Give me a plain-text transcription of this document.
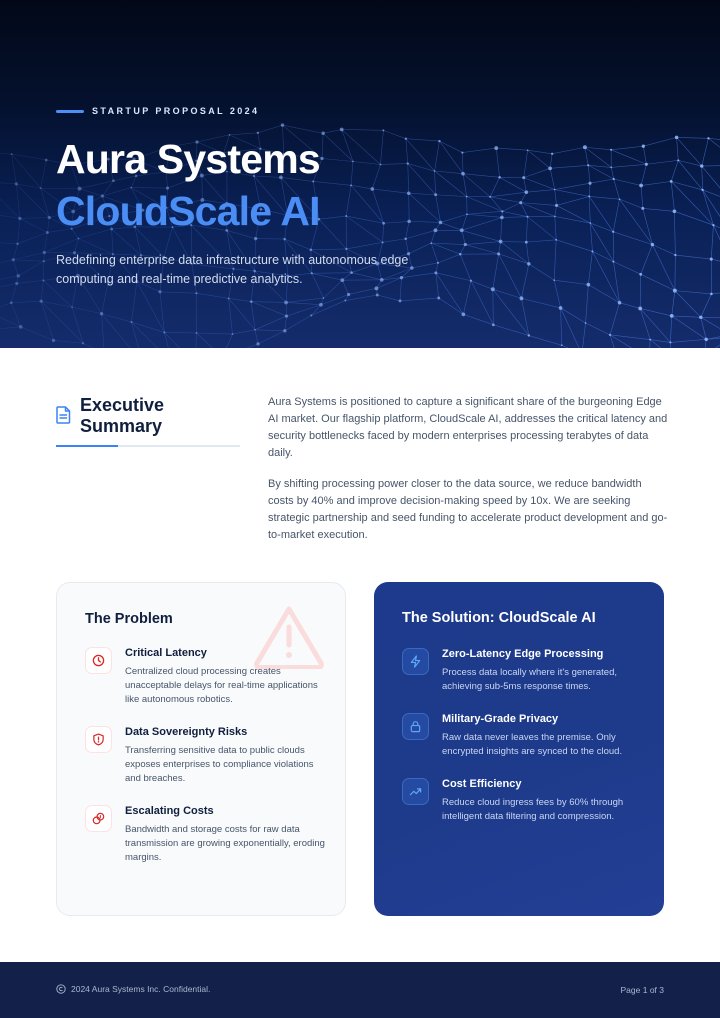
STARTUP PROPOSAL 2024
Aura Systems
CloudScale AI
Redefining enterprise data infrastructure with autonomous edge computing and real-time predictive analytics.
Executive Summary

Aura Systems is positioned to capture a significant share of the burgeoning Edge AI market. Our flagship platform, CloudScale AI, addresses the critical latency and security bottlenecks faced by modern enterprises processing terabytes of data daily.

By shifting processing power closer to the data source, we reduce bandwidth costs by 40% and improve decision-making speed by 10x. We are seeking strategic partnership and seed funding to accelerate product development and go-to-market execution.

The Problem
Critical Latency
Centralized cloud processing creates unacceptable delays for real-time applications like autonomous robotics.
Data Sovereignty Risks
Transferring sensitive data to public clouds exposes enterprises to compliance violations and breaches.
Escalating Costs
Bandwidth and storage costs for raw data transmission are growing exponentially, eroding margins.
The Solution: CloudScale AI
Zero-Latency Edge Processing
Process data locally where it's generated, achieving sub-5ms response times.
Military-Grade Privacy
Raw data never leaves the premise. Only encrypted insights are synced to the cloud.
Cost Efficiency
Reduce cloud ingress fees by 60% through intelligent data filtering and compression.
2024 Aura Systems Inc. Confidential.	Page 1 of 3
